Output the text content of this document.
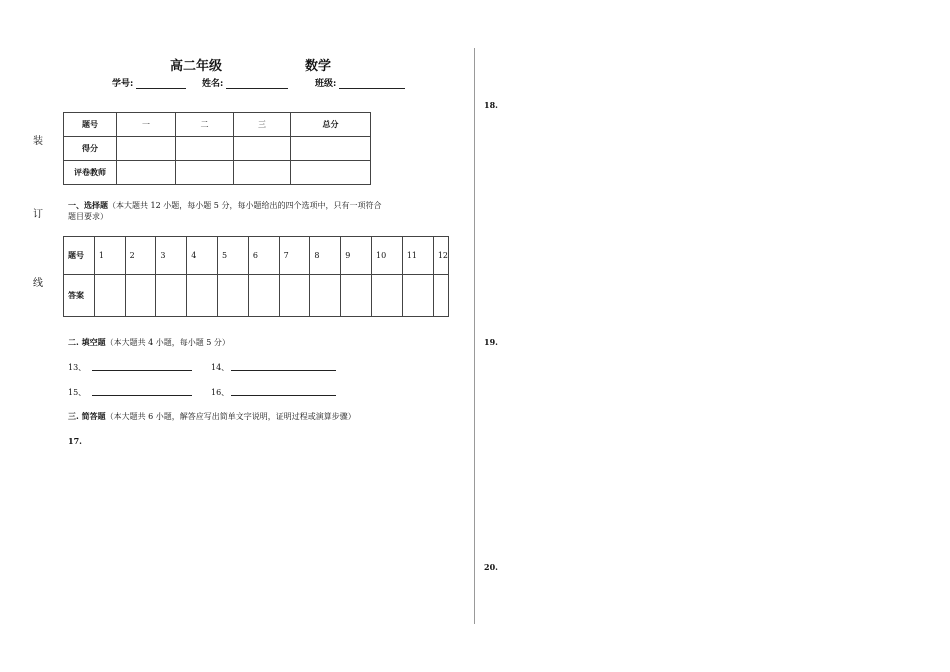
高二年级	数学
学号:	姓名:	班级:
装
订
线
题号	一	二	三	总分
得分				
评卷教师				
一、选择题（本大题共 12 小题，每小题 5 分，每小题给出的四个选项中，只有一项符合
题目要求）
题号	1	2	3	4	5	6	7	8	9	10	11	12
答案												
二. 填空题（本大题共 4 小题，每小题 5 分）
13、	14、
15、	16、
三. 简答题（本大题共 6 小题，解答应写出简单文字说明，证明过程或演算步骤）
17.
18.
19.
20.
